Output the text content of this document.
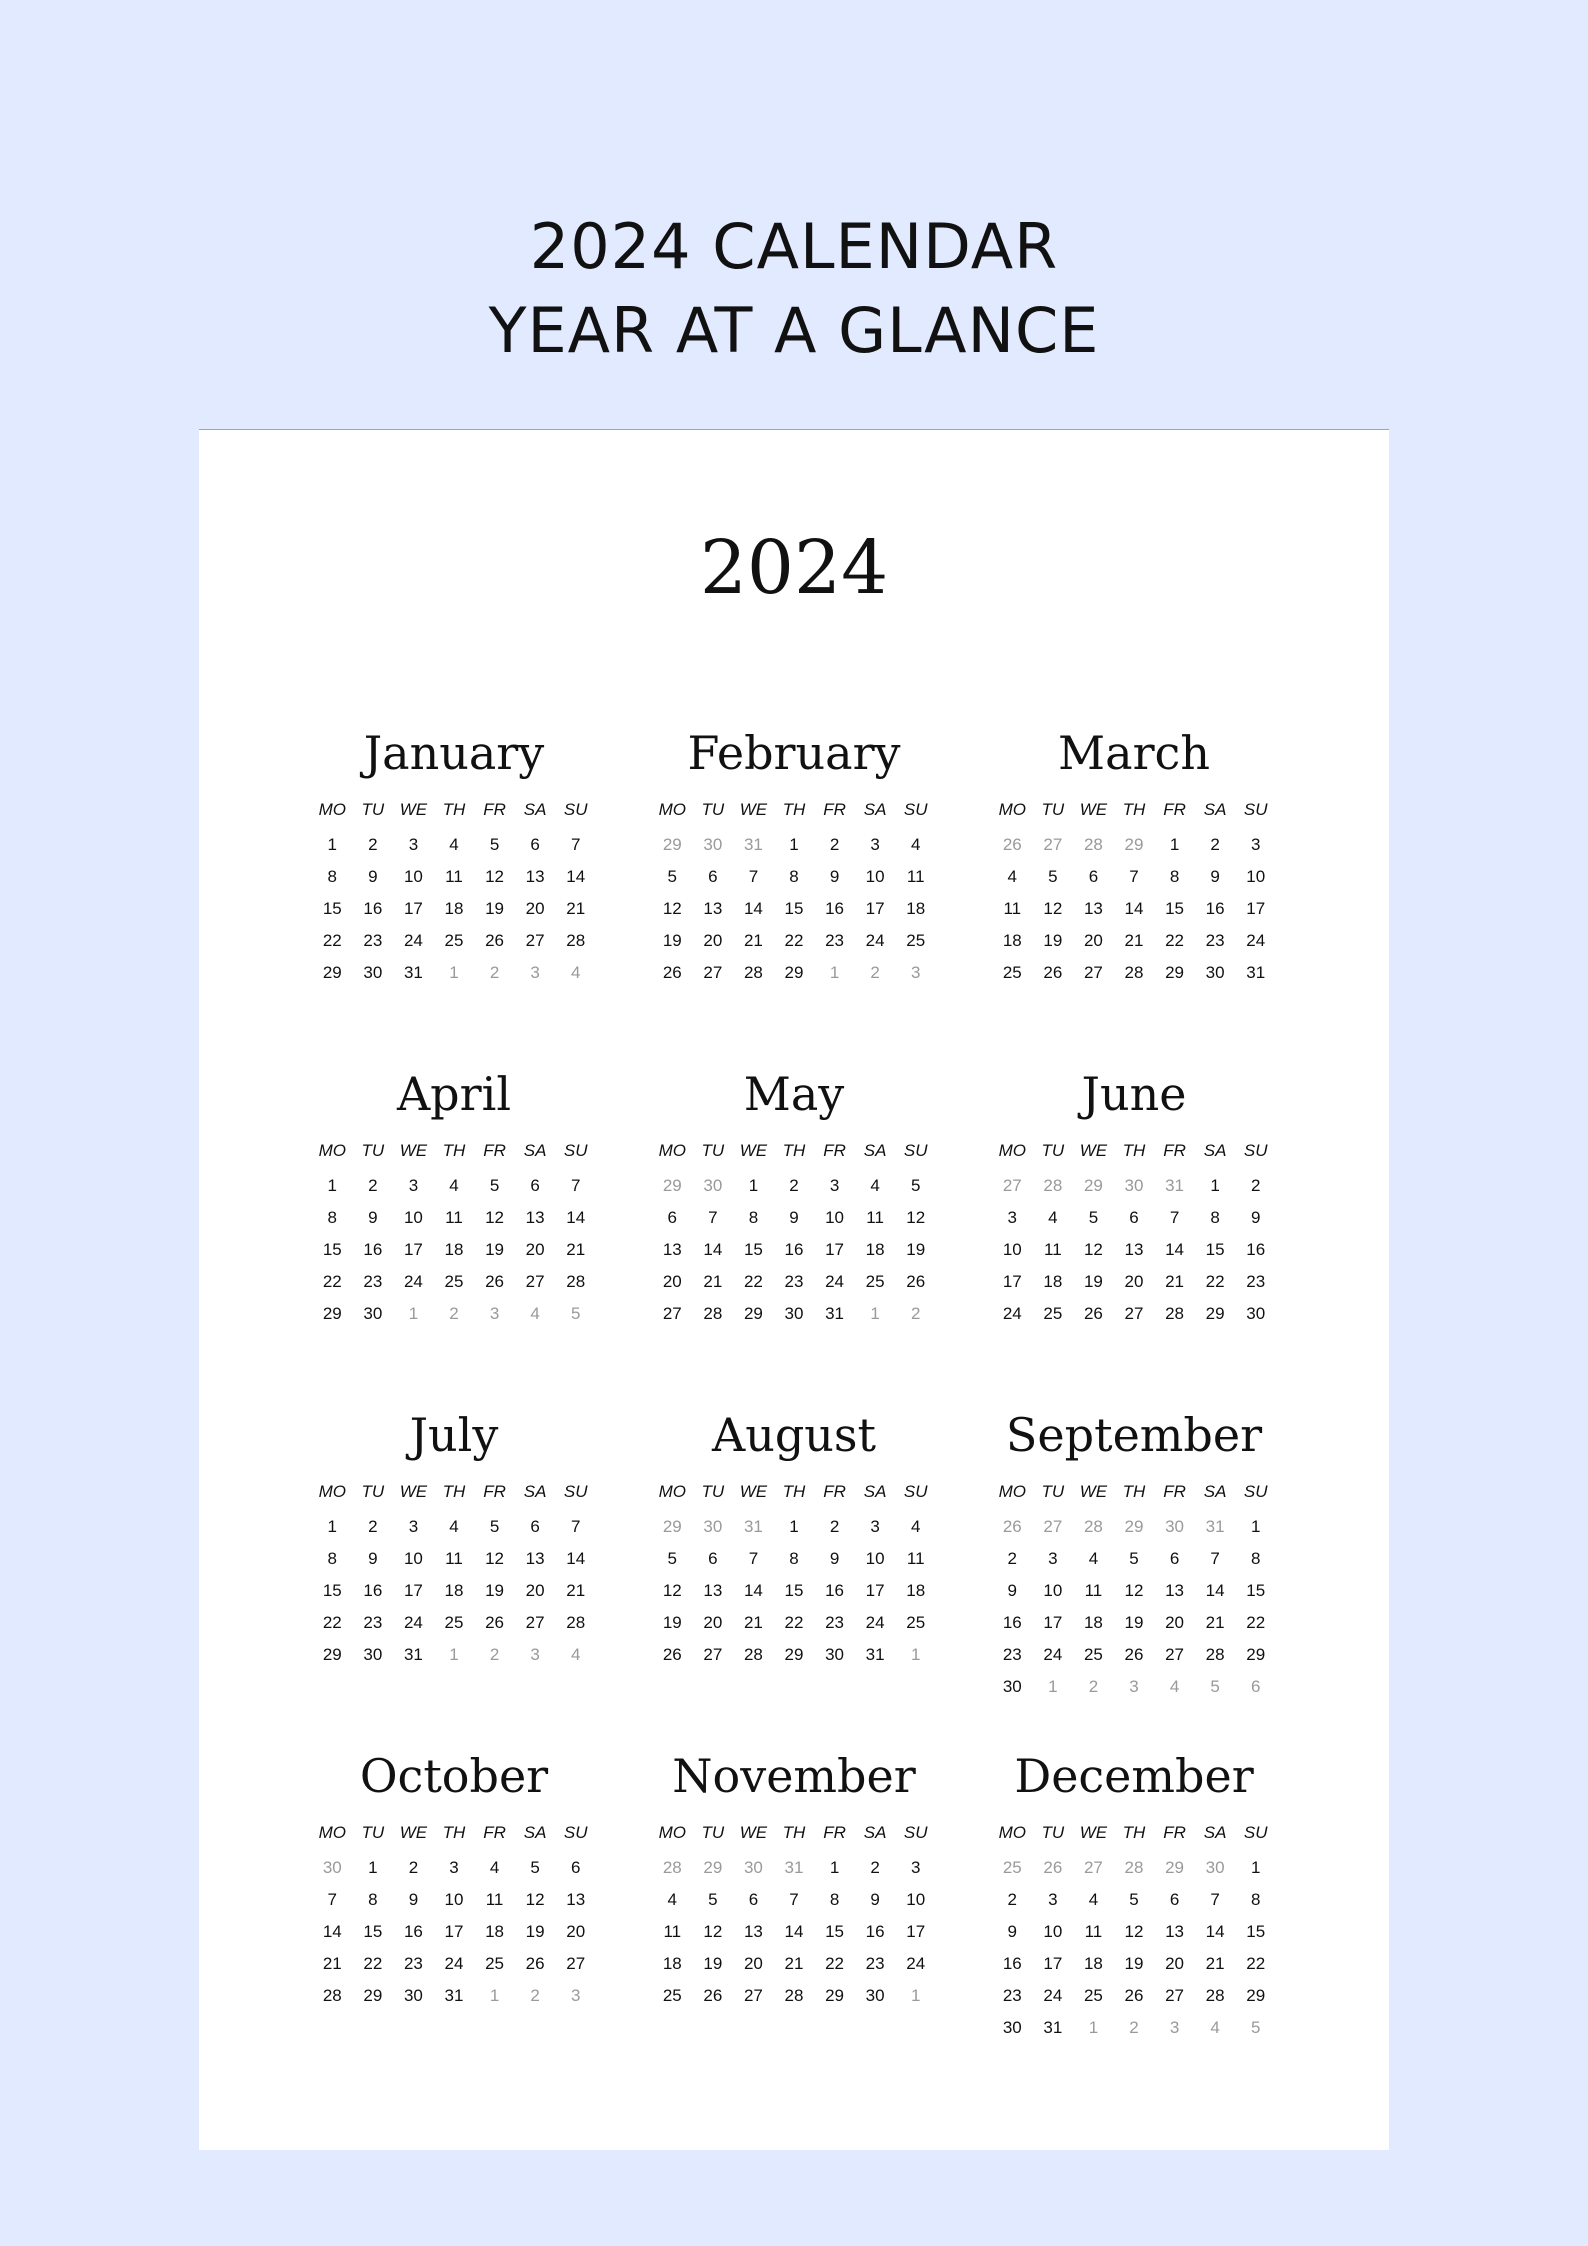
2024 CALENDAR
YEAR AT A GLANCE
2024
January
MO TU WE TH	FR	SA	SU
1	2	3	4	5	6	7
8	9	10	11	12	13	14
15	16	17	18	19	20	21
22	23	24	25	26	27	28
29	30	31	1	2	3	4
February
MO TU WE TH	FR	SA	SU
29	30	31	1	2	3	4
5	6	7	8	9	10	11
12	13	14	15	16	17	18
19	20	21	22	23	24	25
26	27	28	29	1	2	3
March
MO TU WE TH	FR	SA	SU
26	27	28	29	1	2	3
4	5	6	7	8	9	10
11	12	13	14	15	16	17
18	19	20	21	22	23	24
25	26	27	28	29	30	31
April
MO TU WE TH	FR	SA	SU
1	2	3	4	5	6	7
8	9	10	11	12	13	14
15	16	17	18	19	20	21
22	23	24	25	26	27	28
29	30	1	2	3	4	5
May
MO TU WE TH	FR	SA	SU
29	30	1	2	3	4	5
6	7	8	9	10	11	12
13	14	15	16	17	18	19
20	21	22	23	24	25	26
27	28	29	30	31	1	2
June
MO TU WE TH	FR	SA	SU
27	28	29	30	31	1	2
3	4	5	6	7	8	9
10	11	12	13	14	15	16
17	18	19	20	21	22	23
24	25	26	27	28	29	30
July
MO TU WE TH	FR	SA	SU
1	2	3	4	5	6	7
8	9	10	11	12	13	14
15	16	17	18	19	20	21
22	23	24	25	26	27	28
29	30	31	1	2	3	4
August
MO TU WE TH	FR	SA	SU
29	30	31	1	2	3	4
5	6	7	8	9	10	11
12	13	14	15	16	17	18
19	20	21	22	23	24	25
26	27	28	29	30	31	1
September
MO TU WE TH	FR	SA	SU
26	27	28	29	30	31	1
2	3	4	5	6	7	8
9	10	11	12	13	14	15
16	17	18	19	20	21	22
23	24	25	26	27	28	29
30	1	2	3	4	5	6
October
MO TU WE TH	FR	SA	SU
30	1	2	3	4	5	6
7	8	9	10	11	12	13
14	15	16	17	18	19	20
21	22	23	24	25	26	27
28	29	30	31	1	2	3
November
MO TU WE TH	FR	SA	SU
28	29	30	31	1	2	3
4	5	6	7	8	9	10
11	12	13	14	15	16	17
18	19	20	21	22	23	24
25	26	27	28	29	30	1
December
MO TU WE TH	FR	SA	SU
25	26	27	28	29	30	1
2	3	4	5	6	7	8
9	10	11	12	13	14	15
16	17	18	19	20	21	22
23	24	25	26	27	28	29
30	31	1	2	3	4	5
